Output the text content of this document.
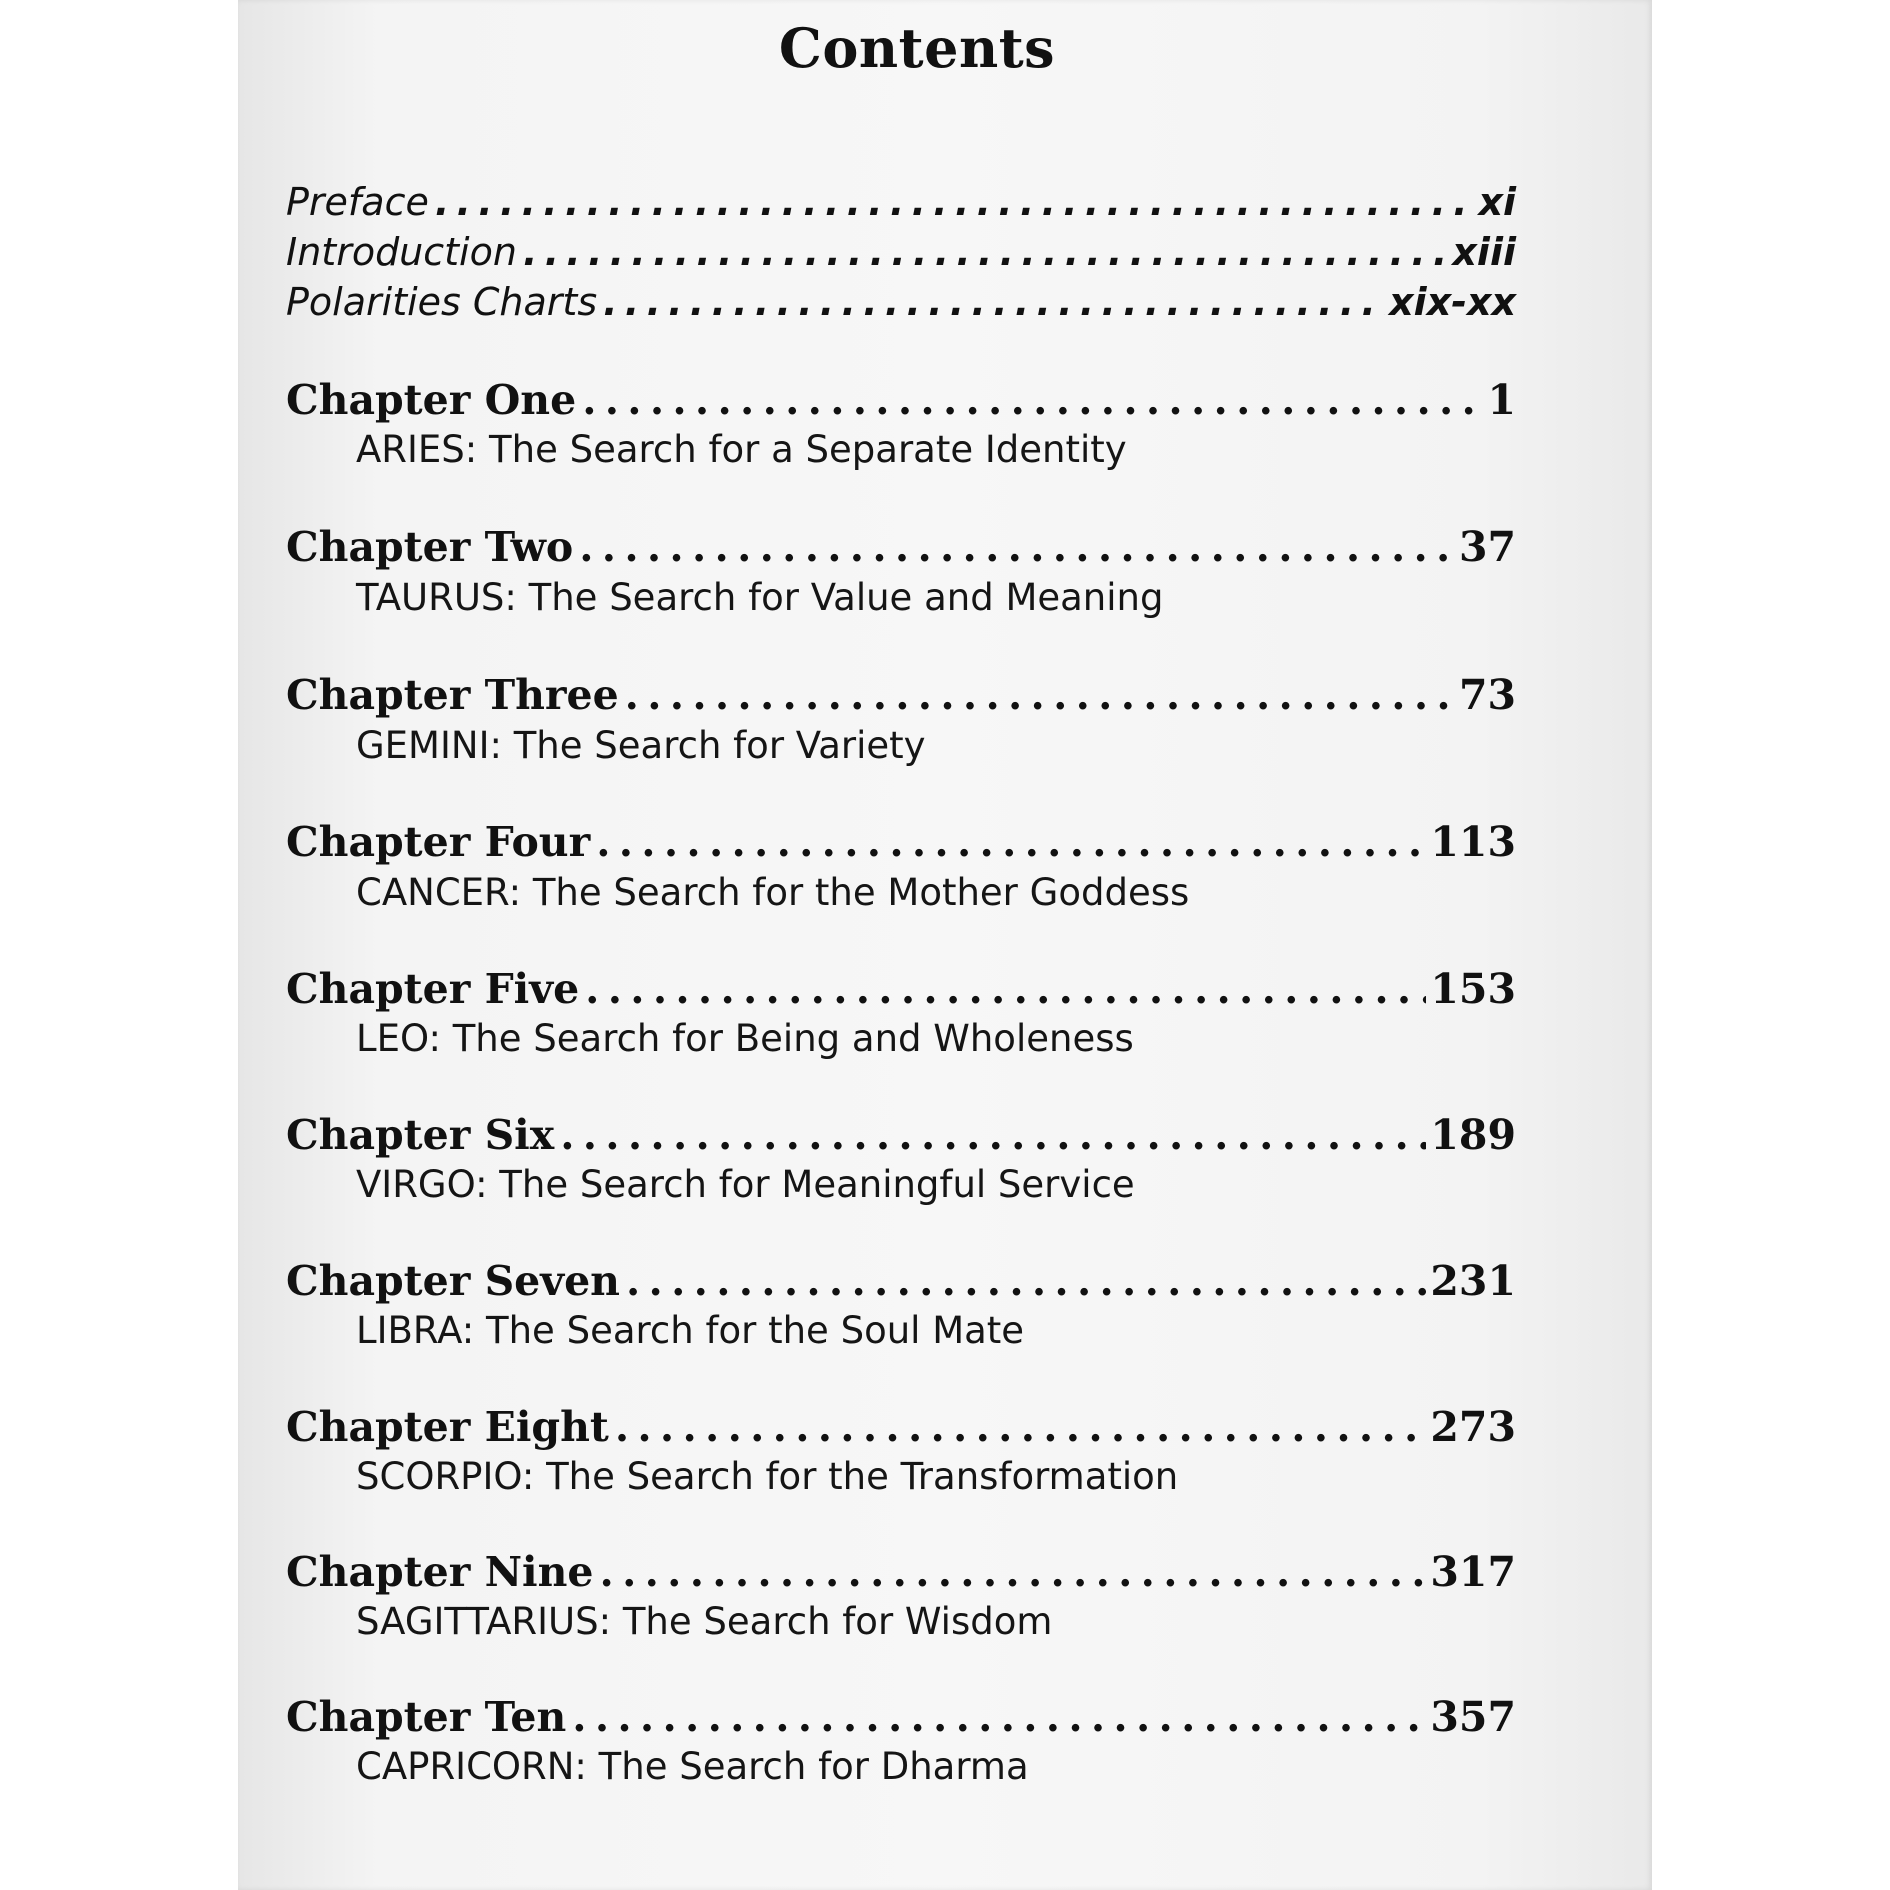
Contents
Preface . . .	xi
Introduction . . .	xiii
Polarities Charts . . .	xix-xx
Chapter One . . .	1
ARIES: The Search for a Separate Identity
Chapter Two . . .	37
TAURUS: The Search for Value and Meaning
Chapter Three . . .	73
GEMINI: The Search for Variety
Chapter Four . . .	113
CANCER: The Search for the Mother Goddess
Chapter Five . . .	153
LEO: The Search for Being and Wholeness
Chapter Six . . .	189
VIRGO: The Search for Meaningful Service
Chapter Seven . . .	231
LIBRA: The Search for the Soul Mate
Chapter Eight . . .	273
SCORPIO: The Search for the Transformation
Chapter Nine . . .	317
SAGITTARIUS: The Search for Wisdom
Chapter Ten . . .	357
CAPRICORN: The Search for Dharma
